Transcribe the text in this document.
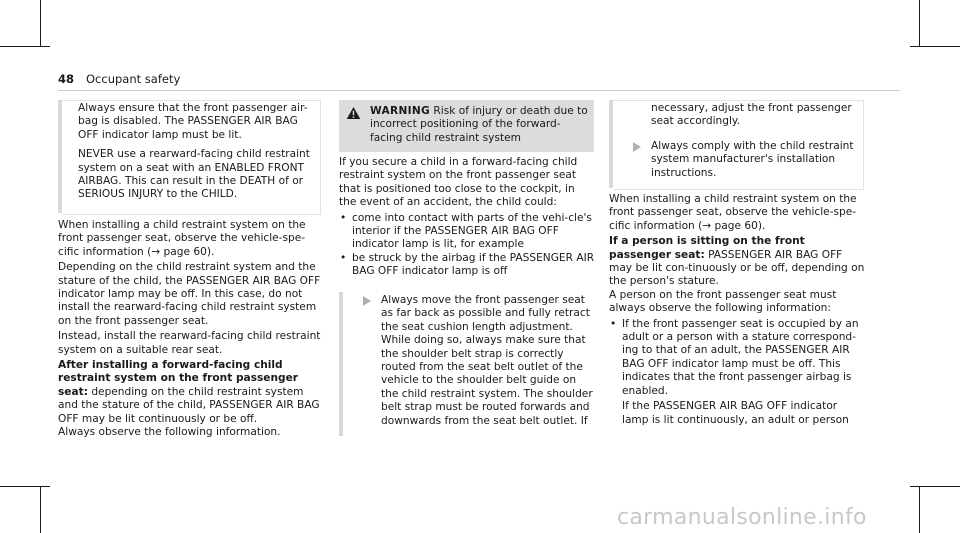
48 Occupant safety

Always ensure that the front passenger air-bag is disabled. The PASSENGER AIR BAG OFF indicator lamp must be lit.

NEVER use a rearward-facing child restraint system on a seat with an ENABLED FRONT AIRBAG. This can result in the DEATH of or SERIOUS INJURY to the CHILD.

When installing a child restraint system on the front passenger seat, observe the vehicle-spe-cific information (→ page 60).

Depending on the child restraint system and the stature of the child, the PASSENGER AIR BAG OFF indicator lamp may be off. In this case, do not install the rearward-facing child restraint system on the front passenger seat.

Instead, install the rearward-facing child restraint system on a suitable rear seat.

After installing a forward-facing child restraint system on the front passenger seat: depending on the child restraint system and the stature of the child, PASSENGER AIR BAG OFF may be lit continuously or be off.

Always observe the following information.

WARNING Risk of injury or death due to incorrect positioning of the forward-facing child restraint system

If you secure a child in a forward-facing child restraint system on the front passenger seat that is positioned too close to the cockpit, in the event of an accident, the child could:

• come into contact with parts of the vehi-cle's interior if the PASSENGER AIR BAG OFF indicator lamp is lit, for example
• be struck by the airbag if the PASSENGER AIR BAG OFF indicator lamp is off

Always move the front passenger seat as far back as possible and fully retract the seat cushion length adjustment. While doing so, always make sure that the shoulder belt strap is correctly routed from the seat belt outlet of the vehicle to the shoulder belt guide on the child restraint system. The shoulder belt strap must be routed forwards and downwards from the seat belt outlet. If

necessary, adjust the front passenger seat accordingly.

Always comply with the child restraint system manufacturer's installation instructions.

When installing a child restraint system on the front passenger seat, observe the vehicle-spe-cific information (→ page 60).

If a person is sitting on the front passenger seat: PASSENGER AIR BAG OFF may be lit con-tinuously or be off, depending on the person's stature.

A person on the front passenger seat must always observe the following information:

• If the front passenger seat is occupied by an adult or a person with a stature correspond-ing to that of an adult, the PASSENGER AIR BAG OFF indicator lamp must be off. This indicates that the front passenger airbag is enabled.
If the PASSENGER AIR BAG OFF indicator lamp is lit continuously, an adult or person
carmanualsonline.info
